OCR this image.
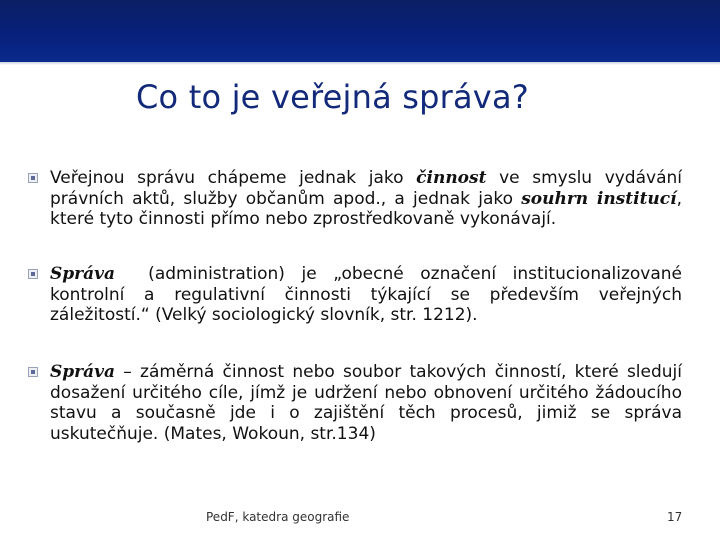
Co to je veřejná správa?
Veřejnou správu chápeme jednak jako činnost ve smyslu vydávání právních aktů, služby občanům apod., a jednak jako souhrn institucí, které tyto činnosti přímo nebo zprostředkovaně vykonávají.
Správa  (administration) je „obecné označení institucionalizované kontrolní a regulativní činnosti týkající se především veřejných záležitostí.“ (Velký sociologický slovník, str. 1212).
Správa – záměrná činnost nebo soubor takových činností, které sledují dosažení určitého cíle, jímž je udržení nebo obnovení určitého žádoucího stavu a současně jde i o zajištění těch procesů, jimiž se správa uskutečňuje. (Mates, Wokoun, str.134)
PedF, katedra geografie	17
